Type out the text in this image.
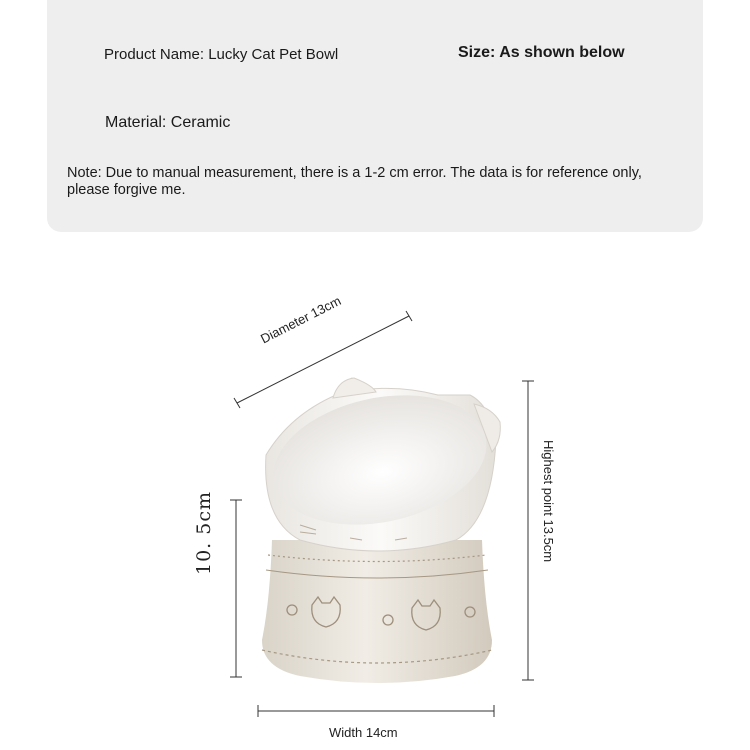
Product Name: Lucky Cat Pet Bowl	Size: As shown below
Material: Ceramic
Note: Due to manual measurement, there is a 1-2 cm error. The data is for reference only, please forgive me.
Diameter 13cm
Highest point 13.5cm
10. 5cm
Width 14cm
